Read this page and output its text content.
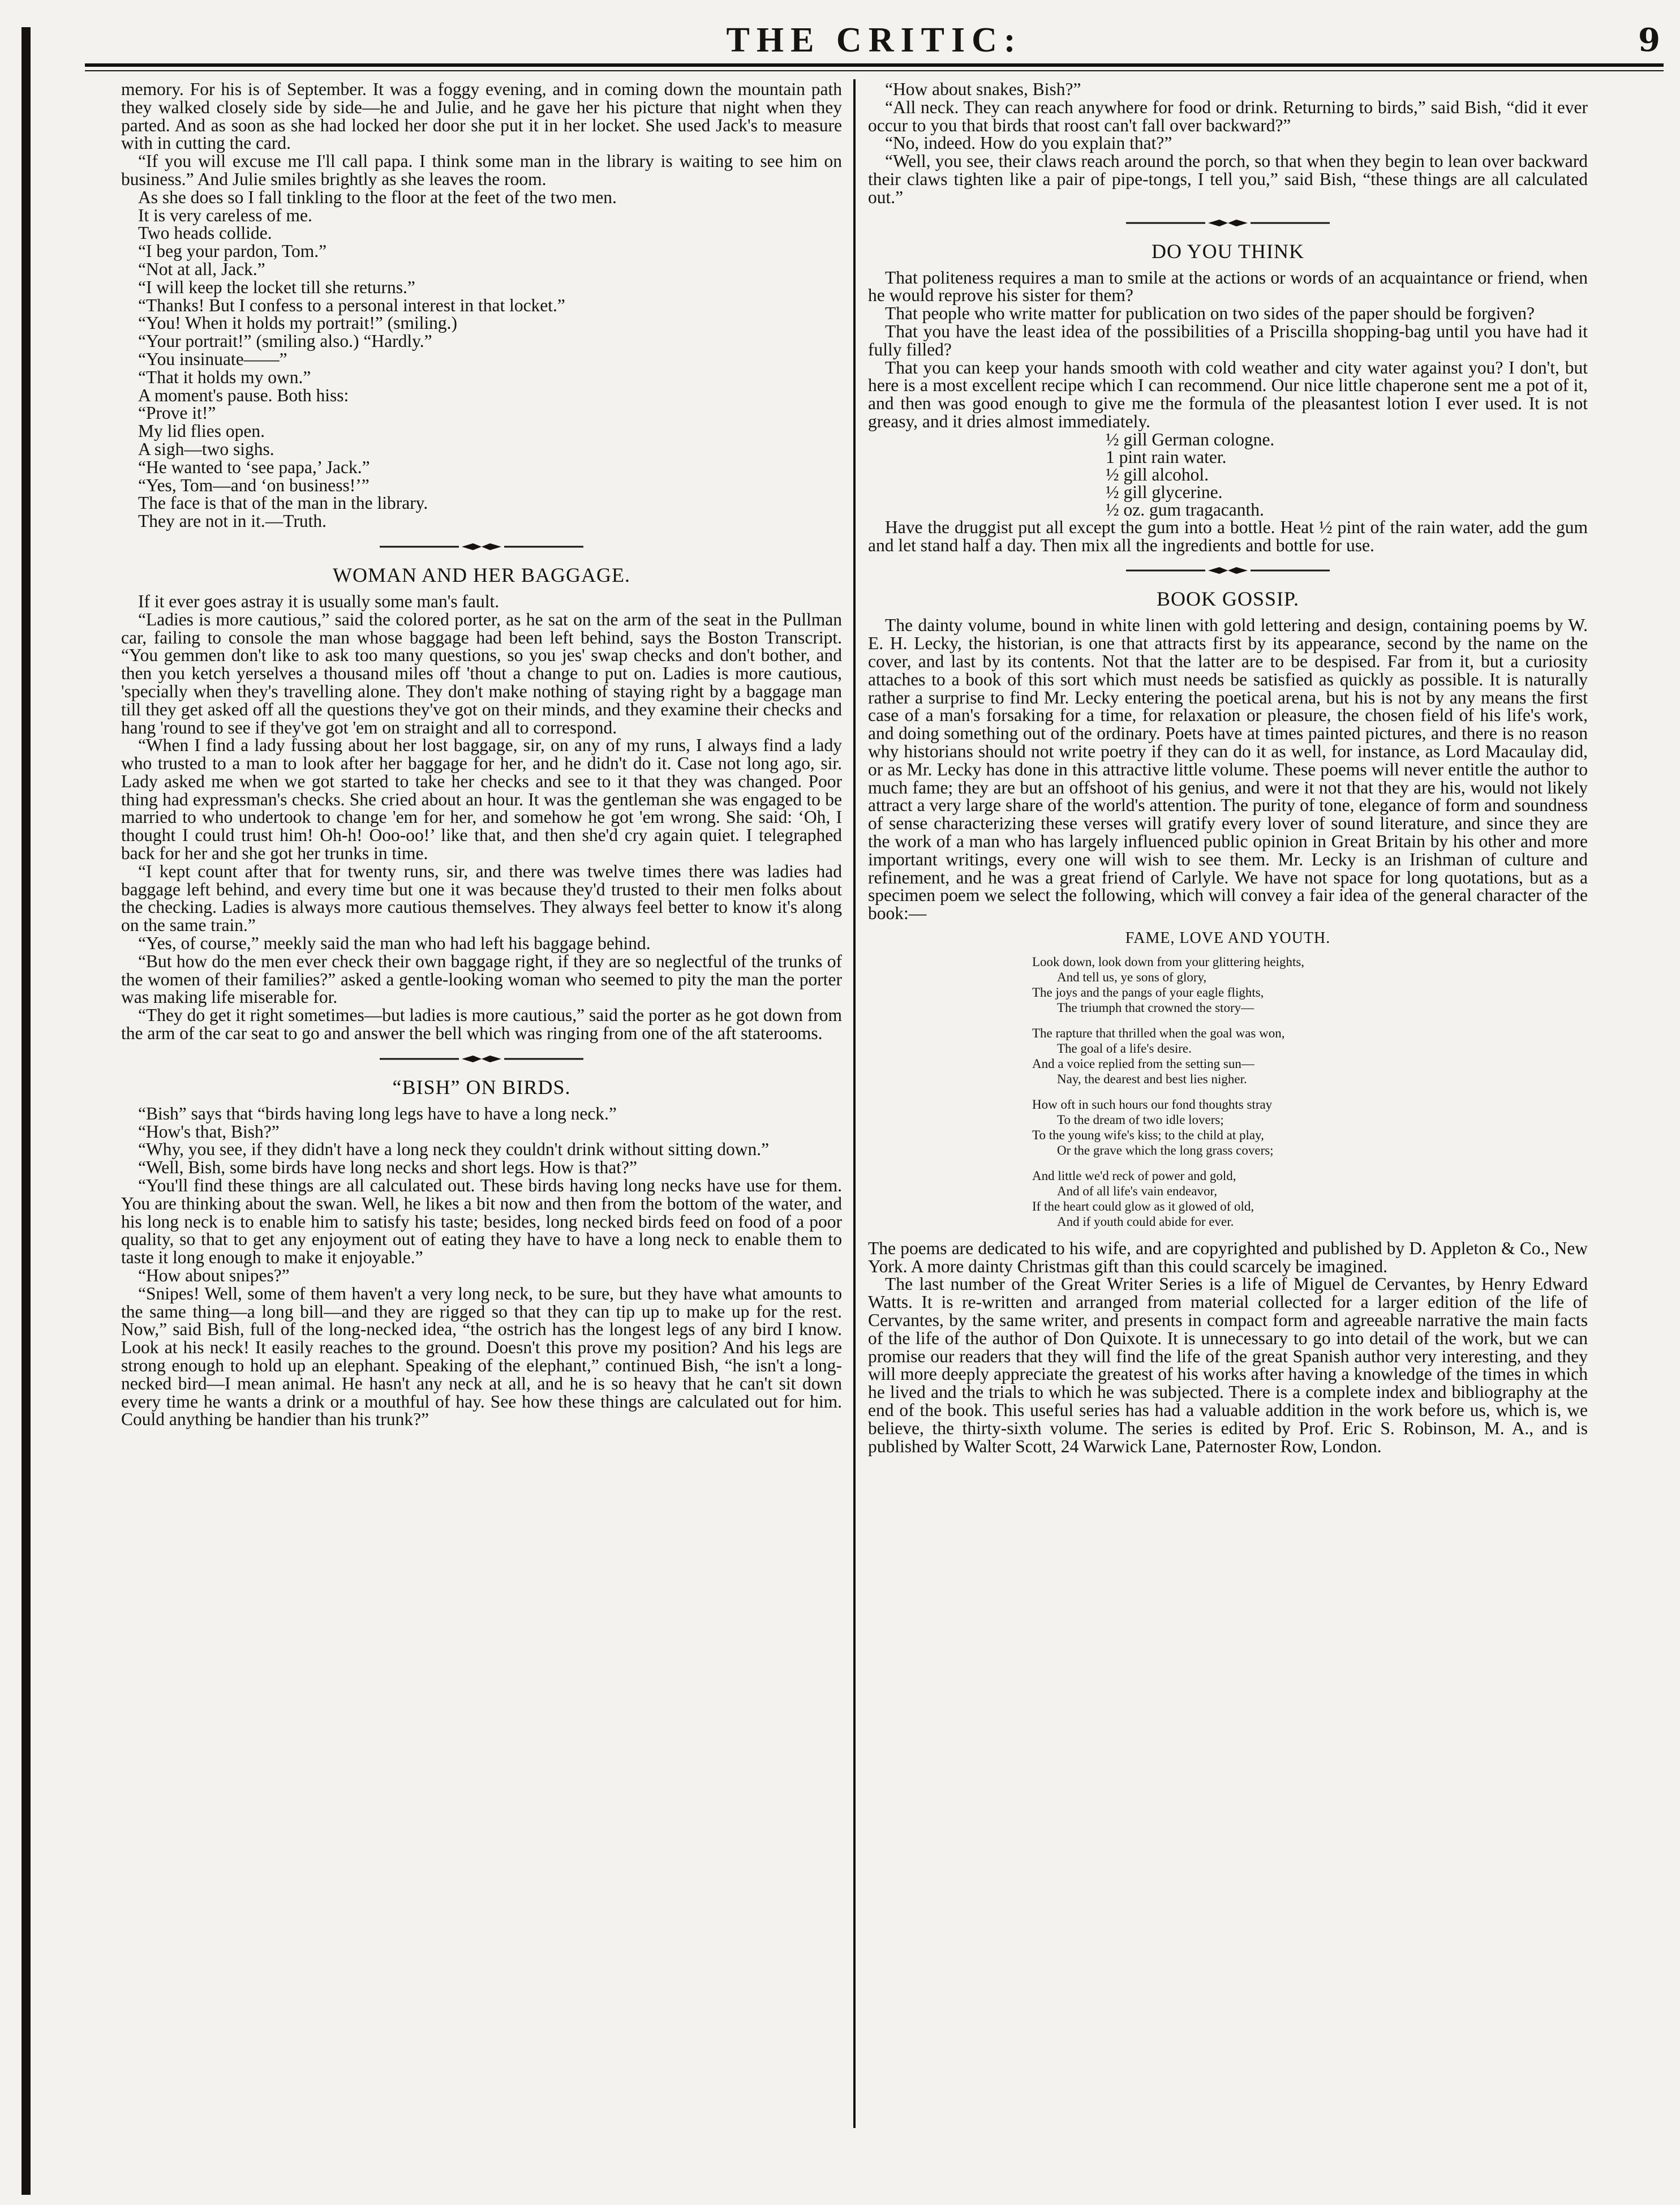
THE CRITIC:	9

memory. For his is of September. It was a foggy evening, and in coming down the mountain path they walked closely side by side—he and Julie, and he gave her his picture that night when they parted. And as soon as she had locked her door she put it in her locket. She used Jack's to measure with in cutting the card.

“If you will excuse me I'll call papa. I think some man in the library is waiting to see him on business.” And Julie smiles brightly as she leaves the room.

As she does so I fall tinkling to the floor at the feet of the two men.

It is very careless of me.

Two heads collide.

“I beg your pardon, Tom.”

“Not at all, Jack.”

“I will keep the locket till she returns.”

“Thanks! But I confess to a personal interest in that locket.”

“You! When it holds my portrait!” (smiling.)

“Your portrait!” (smiling also.) “Hardly.”

“You insinuate——”

“That it holds my own.”

A moment's pause. Both hiss:

“Prove it!”

My lid flies open.

A sigh—two sighs.

“He wanted to ‘see papa,’ Jack.”

“Yes, Tom—and ‘on business!’”

The face is that of the man in the library.

They are not in it.—Truth.

WOMAN AND HER BAGGAGE.

If it ever goes astray it is usually some man's fault.

“Ladies is more cautious,” said the colored porter, as he sat on the arm of the seat in the Pullman car, failing to console the man whose baggage had been left behind, says the Boston Transcript. “You gemmen don't like to ask too many questions, so you jes' swap checks and don't bother, and then you ketch yerselves a thousand miles off 'thout a change to put on. Ladies is more cautious, 'specially when they's travelling alone. They don't make nothing of staying right by a baggage man till they get asked off all the questions they've got on their minds, and they examine their checks and hang 'round to see if they've got 'em on straight and all to correspond.

“When I find a lady fussing about her lost baggage, sir, on any of my runs, I always find a lady who trusted to a man to look after her baggage for her, and he didn't do it. Case not long ago, sir. Lady asked me when we got started to take her checks and see to it that they was changed. Poor thing had expressman's checks. She cried about an hour. It was the gentleman she was engaged to be married to who undertook to change 'em for her, and somehow he got 'em wrong. She said: ‘Oh, I thought I could trust him! Oh-h! Ooo-oo!’ like that, and then she'd cry again quiet. I telegraphed back for her and she got her trunks in time.

“I kept count after that for twenty runs, sir, and there was twelve times there was ladies had baggage left behind, and every time but one it was because they'd trusted to their men folks about the checking. Ladies is always more cautious themselves. They always feel better to know it's along on the same train.”

“Yes, of course,” meekly said the man who had left his baggage behind.

“But how do the men ever check their own baggage right, if they are so neglectful of the trunks of the women of their families?” asked a gentle-looking woman who seemed to pity the man the porter was making life miserable for.

“They do get it right sometimes—but ladies is more cautious,” said the porter as he got down from the arm of the car seat to go and answer the bell which was ringing from one of the aft staterooms.

“BISH” ON BIRDS.

“Bish” says that “birds having long legs have to have a long neck.”

“How's that, Bish?”

“Why, you see, if they didn't have a long neck they couldn't drink without sitting down.”

“Well, Bish, some birds have long necks and short legs. How is that?”

“You'll find these things are all calculated out. These birds having long necks have use for them. You are thinking about the swan. Well, he likes a bit now and then from the bottom of the water, and his long neck is to enable him to satisfy his taste; besides, long necked birds feed on food of a poor quality, so that to get any enjoyment out of eating they have to have a long neck to enable them to taste it long enough to make it enjoyable.”

“How about snipes?”

“Snipes! Well, some of them haven't a very long neck, to be sure, but they have what amounts to the same thing—a long bill—and they are rigged so that they can tip up to make up for the rest. Now,” said Bish, full of the long-necked idea, “the ostrich has the longest legs of any bird I know. Look at his neck! It easily reaches to the ground. Doesn't this prove my position? And his legs are strong enough to hold up an elephant. Speaking of the elephant,” continued Bish, “he isn't a long-necked bird—I mean animal. He hasn't any neck at all, and he is so heavy that he can't sit down every time he wants a drink or a mouthful of hay. See how these things are calculated out for him. Could anything be handier than his trunk?”

“How about snakes, Bish?”

“All neck. They can reach anywhere for food or drink. Returning to birds,” said Bish, “did it ever occur to you that birds that roost can't fall over backward?”

“No, indeed. How do you explain that?”

“Well, you see, their claws reach around the porch, so that when they begin to lean over backward their claws tighten like a pair of pipe-tongs, I tell you,” said Bish, “these things are all calculated out.”

DO YOU THINK

That politeness requires a man to smile at the actions or words of an acquaintance or friend, when he would reprove his sister for them?

That people who write matter for publication on two sides of the paper should be forgiven?

That you have the least idea of the possibilities of a Priscilla shopping-bag until you have had it fully filled?

That you can keep your hands smooth with cold weather and city water against you? I don't, but here is a most excellent recipe which I can recommend. Our nice little chaperone sent me a pot of it, and then was good enough to give me the formula of the pleasantest lotion I ever used. It is not greasy, and it dries almost immediately.

½ gill German cologne.
1 pint rain water.
½ gill alcohol.
½ gill glycerine.
½ oz. gum tragacanth.

Have the druggist put all except the gum into a bottle. Heat ½ pint of the rain water, add the gum and let stand half a day. Then mix all the ingredients and bottle for use.

BOOK GOSSIP.

The dainty volume, bound in white linen with gold lettering and design, containing poems by W. E. H. Lecky, the historian, is one that attracts first by its appearance, second by the name on the cover, and last by its contents. Not that the latter are to be despised. Far from it, but a curiosity attaches to a book of this sort which must needs be satisfied as quickly as possible. It is naturally rather a surprise to find Mr. Lecky entering the poetical arena, but his is not by any means the first case of a man's forsaking for a time, for relaxation or pleasure, the chosen field of his life's work, and doing something out of the ordinary. Poets have at times painted pictures, and there is no reason why historians should not write poetry if they can do it as well, for instance, as Lord Macaulay did, or as Mr. Lecky has done in this attractive little volume. These poems will never entitle the author to much fame; they are but an offshoot of his genius, and were it not that they are his, would not likely attract a very large share of the world's attention. The purity of tone, elegance of form and soundness of sense characterizing these verses will gratify every lover of sound literature, and since they are the work of a man who has largely influenced public opinion in Great Britain by his other and more important writings, every one will wish to see them. Mr. Lecky is an Irishman of culture and refinement, and he was a great friend of Carlyle. We have not space for long quotations, but as a specimen poem we select the following, which will convey a fair idea of the general character of the book:—

FAME, LOVE AND YOUTH.
Look down, look down from your glittering heights,
And tell us, ye sons of glory,
The joys and the pangs of your eagle flights,
The triumph that crowned the story—
The rapture that thrilled when the goal was won,
The goal of a life's desire.
And a voice replied from the setting sun—
Nay, the dearest and best lies nigher.
How oft in such hours our fond thoughts stray
To the dream of two idle lovers;
To the young wife's kiss; to the child at play,
Or the grave which the long grass covers;
And little we'd reck of power and gold,
And of all life's vain endeavor,
If the heart could glow as it glowed of old,
And if youth could abide for ever.

The poems are dedicated to his wife, and are copyrighted and published by D. Appleton & Co., New York. A more dainty Christmas gift than this could scarcely be imagined.

The last number of the Great Writer Series is a life of Miguel de Cervantes, by Henry Edward Watts. It is re-written and arranged from material collected for a larger edition of the life of Cervantes, by the same writer, and presents in compact form and agreeable narrative the main facts of the life of the author of Don Quixote. It is unnecessary to go into detail of the work, but we can promise our readers that they will find the life of the great Spanish author very interesting, and they will more deeply appreciate the greatest of his works after having a knowledge of the times in which he lived and the trials to which he was subjected. There is a complete index and bibliography at the end of the book. This useful series has had a valuable addition in the work before us, which is, we believe, the thirty-sixth volume. The series is edited by Prof. Eric S. Robinson, M. A., and is published by Walter Scott, 24 Warwick Lane, Paternoster Row, London.
